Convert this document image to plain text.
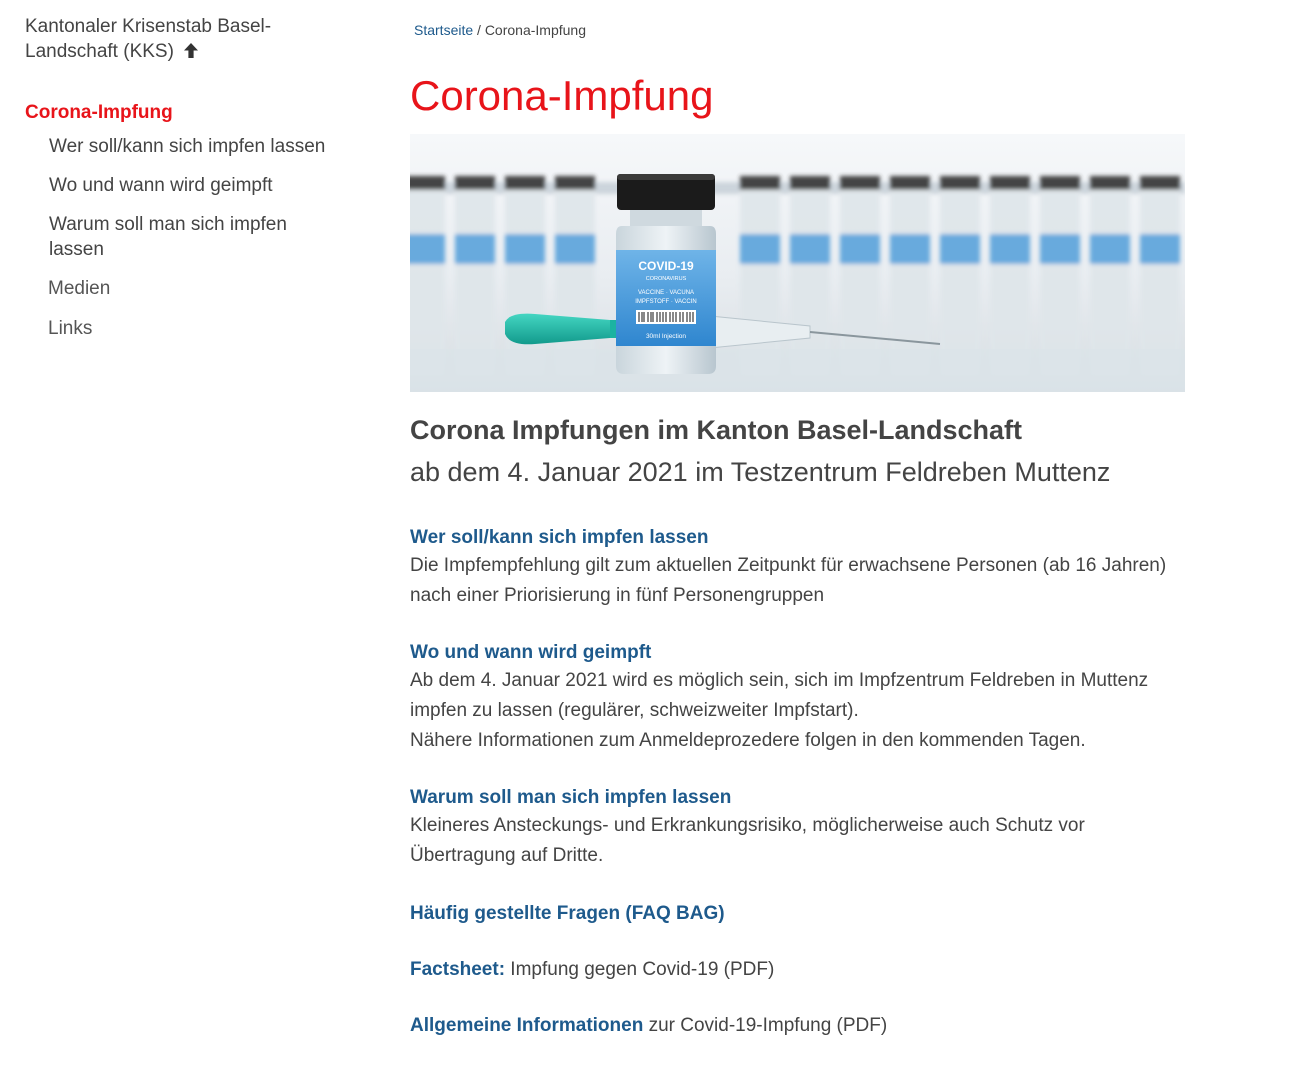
Kantonaler Krisenstab Basel-Landschaft (KKS)
Corona-Impfung
Wer soll/kann sich impfen lassen
Wo und wann wird geimpft
Warum soll man sich impfen lassen
Medien
Links
Startseite / Corona-Impfung
Corona-Impfung
COVID-19
CORONAVIRUS
VACCINE · VACUNA
IMPFSTOFF · VACCIN
30ml Injection
Corona Impfungen im Kanton Basel-Landschaft
ab dem 4. Januar 2021 im Testzentrum Feldreben Muttenz
Wer soll/kann sich impfen lassen

Die Impfempfehlung gilt zum aktuellen Zeitpunkt für erwachsene Personen (ab 16 Jahren) nach einer Priorisierung in fünf Personengruppen

Wo und wann wird geimpft

Ab dem 4. Januar 2021 wird es möglich sein, sich im Impfzentrum Feldreben in Muttenz impfen zu lassen (regulärer, schweizweiter Impfstart).

Nähere Informationen zum Anmeldeprozedere folgen in den kommenden Tagen.

Warum soll man sich impfen lassen

Kleineres Ansteckungs- und Erkrankungsrisiko, möglicherweise auch Schutz vor Übertragung auf Dritte.

Häufig gestellte Fragen (FAQ BAG)
Factsheet: Impfung gegen Covid-19 (PDF)
Allgemeine Informationen zur Covid-19-Impfung (PDF)
